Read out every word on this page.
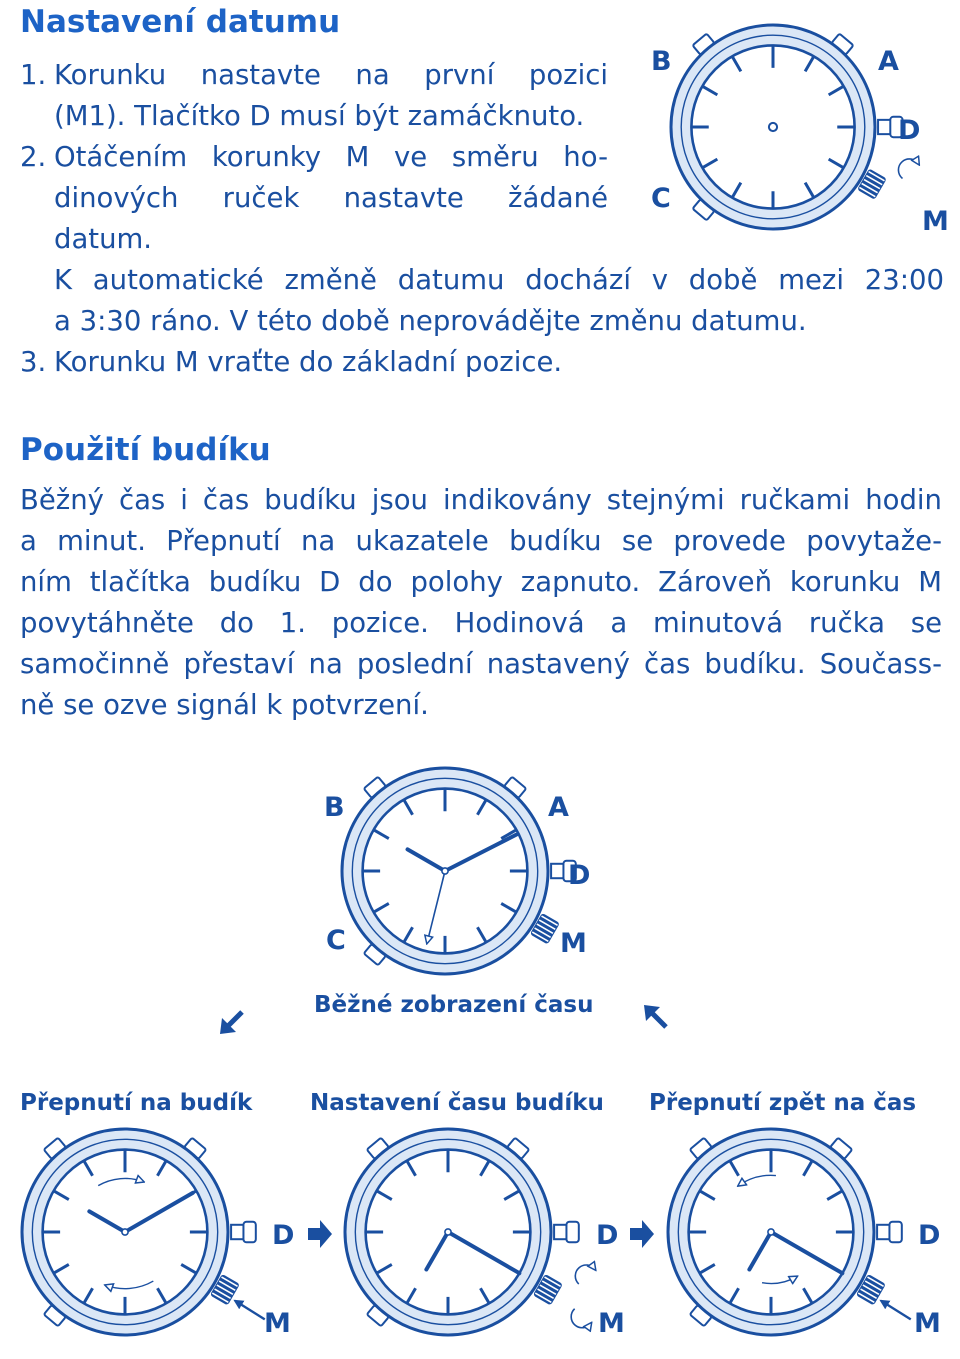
Nastavení datumu
1. Korunku nastavte na první pozici
(M1). Tlačítko D musí být zamáčknuto.
2. Otáčením korunky M ve směru ho-
dinových ruček nastavte žádané
datum.
K automatické změně datumu dochází v době mezi 23:00
a 3:30 ráno. V této době neprovádějte změnu datumu.
3. Korunku M vraťte do základní pozice.
Použití budíku
Běžný čas i čas budíku jsou indikovány stejnými ručkami hodin
a minut. Přepnutí na ukazatele budíku se provede povytaže-
ním tlačítka budíku D do polohy zapnuto. Zároveň korunku M
povytáhněte do 1. pozice. Hodinová a minutová ručka se
samočinně přestaví na poslední nastavený čas budíku. Součass-
ně se ozve signál k potvrzení.
B	A
D
C
M
B	A
D
C	M
D
M
D
M
D
M
Běžné zobrazení času
Přepnutí na budík	Nastavení času budíku Přepnutí zpět na čas
